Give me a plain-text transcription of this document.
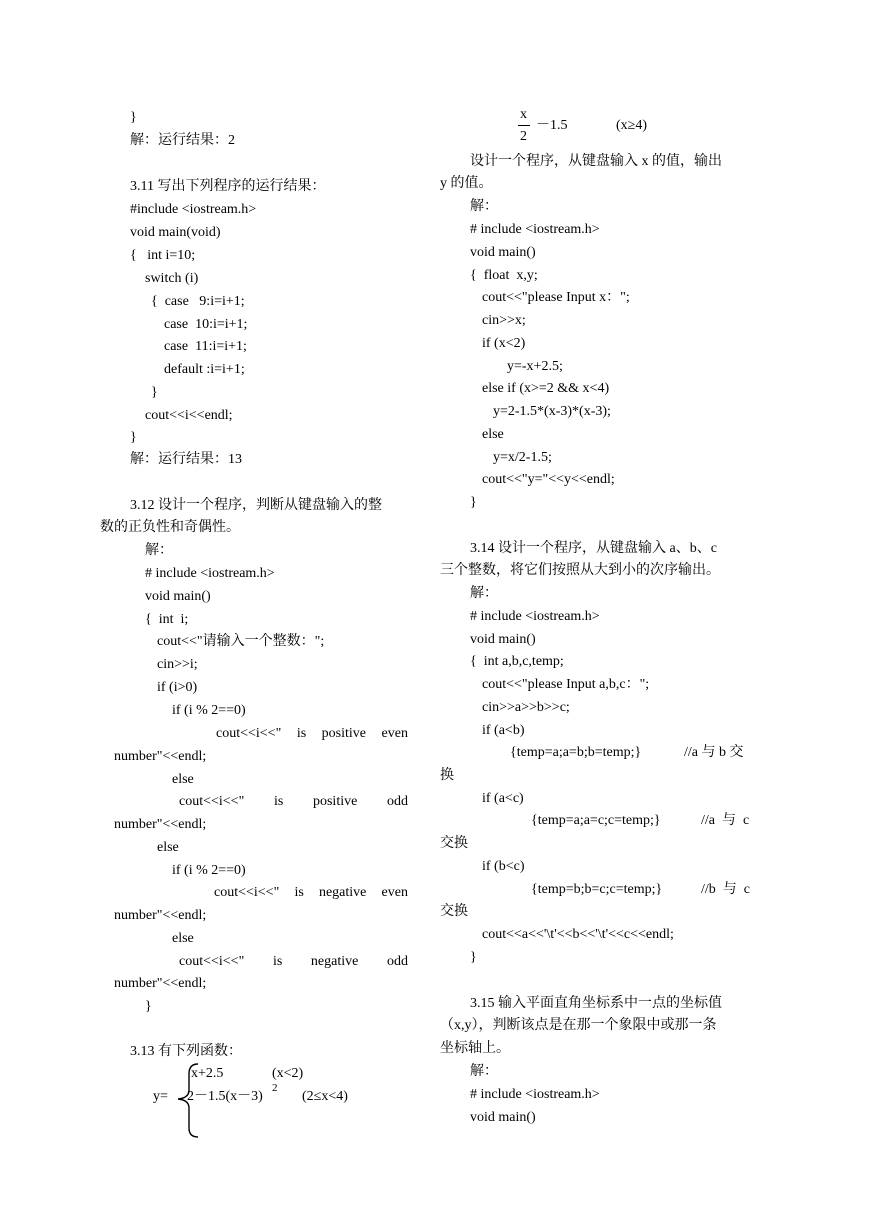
}
解：运行结果：2
3.11 写出下列程序的运行结果：
#include <iostream.h>
void main(void)
{   int i=10;
switch (i)
{  case   9:i=i+1;
case  10:i=i+1;
case  11:i=i+1;
default :i=i+1;
}
cout<<i<<endl;
}
解：运行结果：13
3.12 设计一个程序，判断从键盘输入的整
数的正负性和奇偶性。
解：
# include <iostream.h>
void main()
{  int  i;
cout<<"请输入一个整数：";
cin>>i;
if (i>0)
if (i % 2==0)
cout<<i<<" is positive even
number"<<endl;
else
cout<<i<<" is positive odd
number"<<endl;
else
if (i % 2==0)
cout<<i<<" is negative even
number"<<endl;
else
cout<<i<<" is negative odd
number"<<endl;
}
3.13 有下列函数：
x+2.5	(x<2)
y= 2－1.5(x－3)
2
(2≤x<4)
x
2
－1.5	(x≥4)
设计一个程序，从键盘输入 x 的值，输出
y 的值。
解：
# include <iostream.h>
void main()
{  float  x,y;
cout<<"please Input x：";
cin>>x;
if (x<2)
y=-x+2.5;
else if (x>=2 && x<4)
y=2-1.5*(x-3)*(x-3);
else
y=x/2-1.5;
cout<<"y="<<y<<endl;
}
3.14 设计一个程序，从键盘输入 a、b、c
三个整数，将它们按照从大到小的次序输出。
解：
# include <iostream.h>
void main()
{  int a,b,c,temp;
cout<<"please Input a,b,c：";
cin>>a>>b>>c;
if (a<b)
{temp=a;a=b;b=temp;}	//a 与 b 交
换
if (a<c)
{temp=a;a=c;c=temp;}	//a  与  c
交换
if (b<c)
{temp=b;b=c;c=temp;}	//b  与  c
交换
cout<<a<<'\t'<<b<<'\t'<<c<<endl;
}
3.15 输入平面直角坐标系中一点的坐标值
（x,y），判断该点是在那一个象限中或那一条
坐标轴上。
解：
# include <iostream.h>
void main()
